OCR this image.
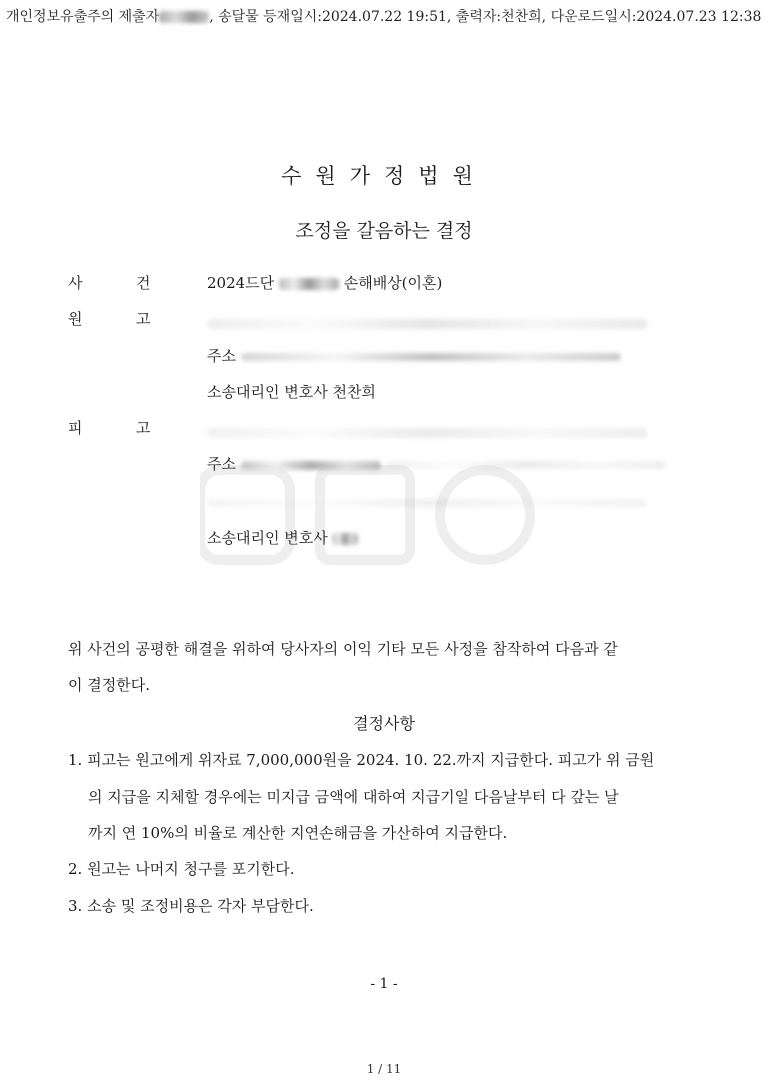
개인정보유출주의 제출자	, 송달물 등재일시:2024.07.22 19:51, 출력자:천찬희, 다운로드일시:2024.07.23 12:38
수원가정법원
조정을 갈음하는 결정
사	건	2024드단	손해배상(이혼)
원	고
주소
소송대리인 변호사 천찬희
피	고
주소
소송대리인 변호사
위 사건의 공평한 해결을 위하여 당사자의 이익 기타 모든 사정을 참작하여 다음과 같
이 결정한다.
결정사항
1. 피고는 원고에게 위자료 7,000,000원을 2024. 10. 22.까지 지급한다. 피고가 위 금원
의 지급을 지체할 경우에는 미지급 금액에 대하여 지급기일 다음날부터 다 갚는 날
까지 연 10%의 비율로 계산한 지연손해금을 가산하여 지급한다.
2. 원고는 나머지 청구를 포기한다.
3. 소송 및 조정비용은 각자 부담한다.
- 1 -
1 / 11
